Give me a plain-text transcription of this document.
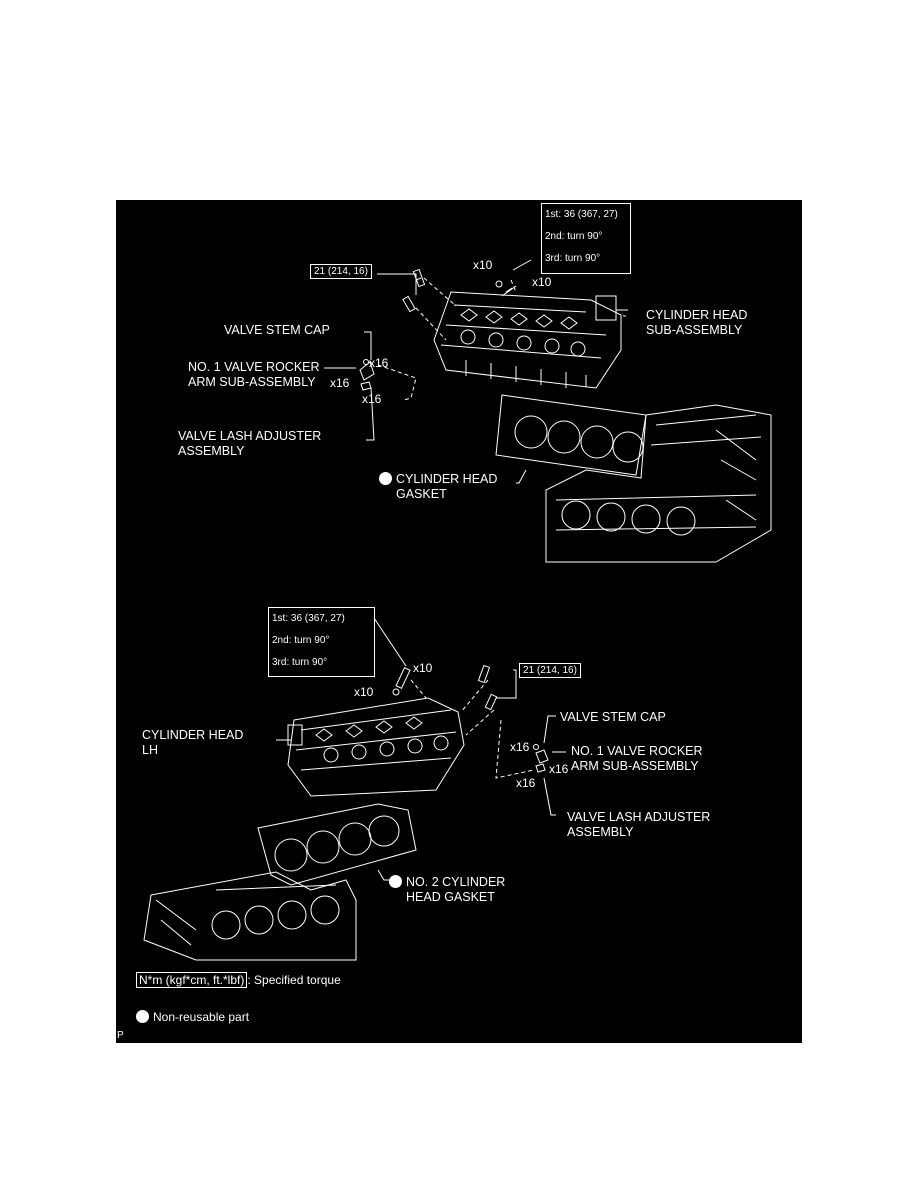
1st: 36 (367, 27)
2nd: turn 90°
3rd: turn 90°
x10
x10
21 (214, 16)
CYLINDER HEAD
SUB-ASSEMBLY
VALVE STEM CAP
NO. 1 VALVE ROCKER
ARM SUB-ASSEMBLY
x16
x16
x16
VALVE LASH ADJUSTER
ASSEMBLY
CYLINDER HEAD
GASKET
1st: 36 (367, 27)
2nd: turn 90°
3rd: turn 90°	x10
x10
21 (214, 16)
CYLINDER HEAD
LH
VALVE STEM CAP
NO. 1 VALVE ROCKER
ARM SUB-ASSEMBLY
x16
x16
x16
VALVE LASH ADJUSTER
ASSEMBLY
NO. 2 CYLINDER
HEAD GASKET
N*m (kgf*cm, ft.*lbf) : Specified torque
Non-reusable part
P
